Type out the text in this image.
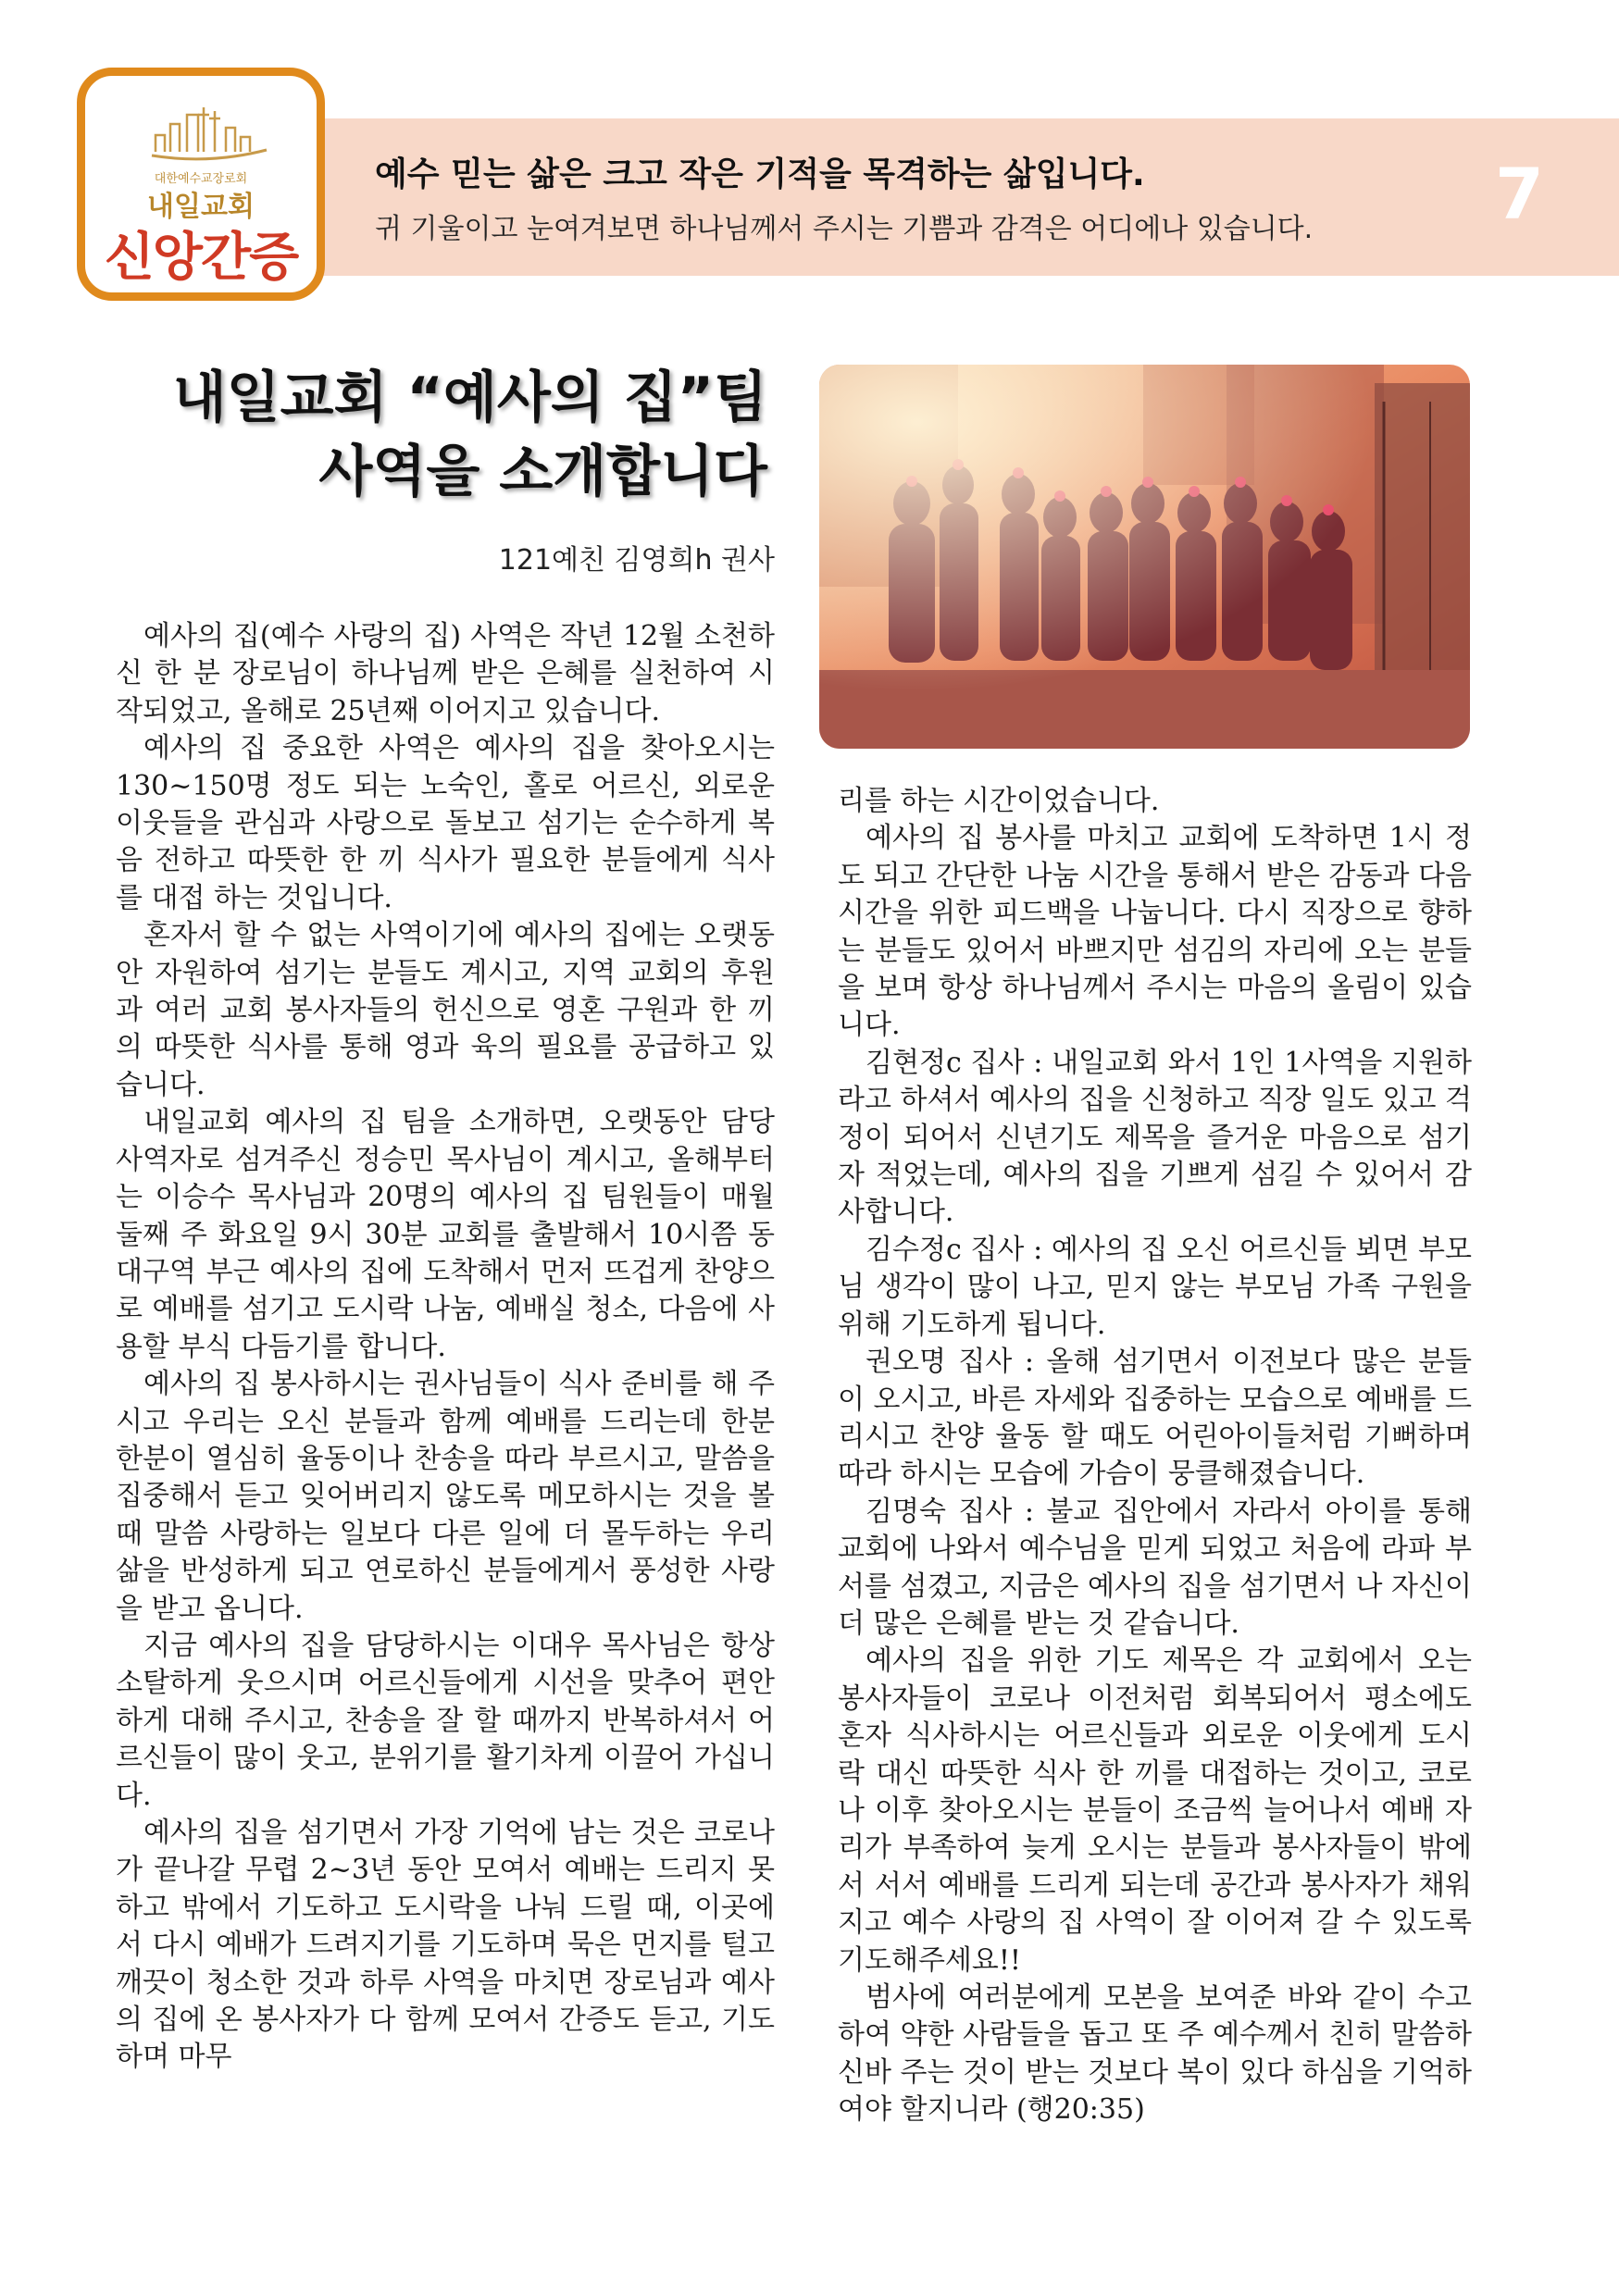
대한예수교장로회
내일교회
신앙간증
예수 믿는 삶은 크고 작은 기적을 목격하는 삶입니다.
귀 기울이고 눈여겨보면 하나님께서 주시는 기쁨과 감격은 어디에나 있습니다.	7
내일교회 “예사의 집”팀
사역을 소개합니다
121예친 김영희h 권사

예사의 집(예수 사랑의 집) 사역은 작년 12월 소천하신 한 분 장로님이 하나님께 받은 은혜를 실천하여 시작되었고, 올해로 25년째 이어지고 있습니다.

예사의 집 중요한 사역은 예사의 집을 찾아오시는 130~150명 정도 되는 노숙인, 홀로 어르신, 외로운 이웃들을 관심과 사랑으로 돌보고 섬기는 순수하게 복음 전하고 따뜻한 한 끼 식사가 필요한 분들에게 식사를 대접 하는 것입니다.

혼자서 할 수 없는 사역이기에 예사의 집에는 오랫동안 자원하여 섬기는 분들도 계시고, 지역 교회의 후원과 여러 교회 봉사자들의 헌신으로 영혼 구원과 한 끼의 따뜻한 식사를 통해 영과 육의 필요를 공급하고 있습니다.

내일교회 예사의 집 팀을 소개하면, 오랫동안 담당 사역자로 섬겨주신 정승민 목사님이 계시고, 올해부터는 이승수 목사님과 20명의 예사의 집 팀원들이 매월 둘째 주 화요일 9시 30분 교회를 출발해서 10시쯤 동대구역 부근 예사의 집에 도착해서 먼저 뜨겁게 찬양으로 예배를 섬기고 도시락 나눔, 예배실 청소, 다음에 사용할 부식 다듬기를 합니다.

예사의 집 봉사하시는 권사님들이 식사 준비를 해 주시고 우리는 오신 분들과 함께 예배를 드리는데 한분 한분이 열심히 율동이나 찬송을 따라 부르시고, 말씀을 집중해서 듣고 잊어버리지 않도록 메모하시는 것을 볼 때 말씀 사랑하는 일보다 다른 일에 더 몰두하는 우리 삶을 반성하게 되고 연로하신 분들에게서 풍성한 사랑을 받고 옵니다.

지금 예사의 집을 담당하시는 이대우 목사님은 항상 소탈하게 웃으시며 어르신들에게 시선을 맞추어 편안하게 대해 주시고, 찬송을 잘 할 때까지 반복하셔서 어르신들이 많이 웃고, 분위기를 활기차게 이끌어 가십니다.

예사의 집을 섬기면서 가장 기억에 남는 것은 코로나가 끝나갈 무렵 2~3년 동안 모여서 예배는 드리지 못하고 밖에서 기도하고 도시락을 나눠 드릴 때, 이곳에서 다시 예배가 드려지기를 기도하며 묵은 먼지를 털고 깨끗이 청소한 것과 하루 사역을 마치면 장로님과 예사의 집에 온 봉사자가 다 함께 모여서 간증도 듣고, 기도하며 마무

리를 하는 시간이었습니다.

예사의 집 봉사를 마치고 교회에 도착하면 1시 정도 되고 간단한 나눔 시간을 통해서 받은 감동과 다음 시간을 위한 피드백을 나눕니다. 다시 직장으로 향하는 분들도 있어서 바쁘지만 섬김의 자리에 오는 분들을 보며 항상 하나님께서 주시는 마음의 올림이 있습니다.

김현정c 집사 : 내일교회 와서 1인 1사역을 지원하라고 하셔서 예사의 집을 신청하고 직장 일도 있고 걱정이 되어서 신년기도 제목을 즐거운 마음으로 섬기자 적었는데, 예사의 집을 기쁘게 섬길 수 있어서 감사합니다.

김수정c 집사 : 예사의 집 오신 어르신들 뵈면 부모님 생각이 많이 나고, 믿지 않는 부모님 가족 구원을 위해 기도하게 됩니다.

권오명 집사 : 올해 섬기면서 이전보다 많은 분들이 오시고, 바른 자세와 집중하는 모습으로 예배를 드리시고 찬양 율동 할 때도 어린아이들처럼 기뻐하며 따라 하시는 모습에 가슴이 뭉클해졌습니다.

김명숙 집사 : 불교 집안에서 자라서 아이를 통해 교회에 나와서 예수님을 믿게 되었고 처음에 라파 부서를 섬겼고, 지금은 예사의 집을 섬기면서 나 자신이 더 많은 은혜를 받는 것 같습니다.

예사의 집을 위한 기도 제목은 각 교회에서 오는 봉사자들이 코로나 이전처럼 회복되어서 평소에도 혼자 식사하시는 어르신들과 외로운 이웃에게 도시락 대신 따뜻한 식사 한 끼를 대접하는 것이고, 코로나 이후 찾아오시는 분들이 조금씩 늘어나서 예배 자리가 부족하여 늦게 오시는 분들과 봉사자들이 밖에서 서서 예배를 드리게 되는데 공간과 봉사자가 채워지고 예수 사랑의 집 사역이 잘 이어져 갈 수 있도록 기도해주세요!!

범사에 여러분에게 모본을 보여준 바와 같이 수고하여 약한 사람들을 돕고 또 주 예수께서 친히 말씀하신바 주는 것이 받는 것보다 복이 있다 하심을 기억하여야 할지니라 (행20:35)
